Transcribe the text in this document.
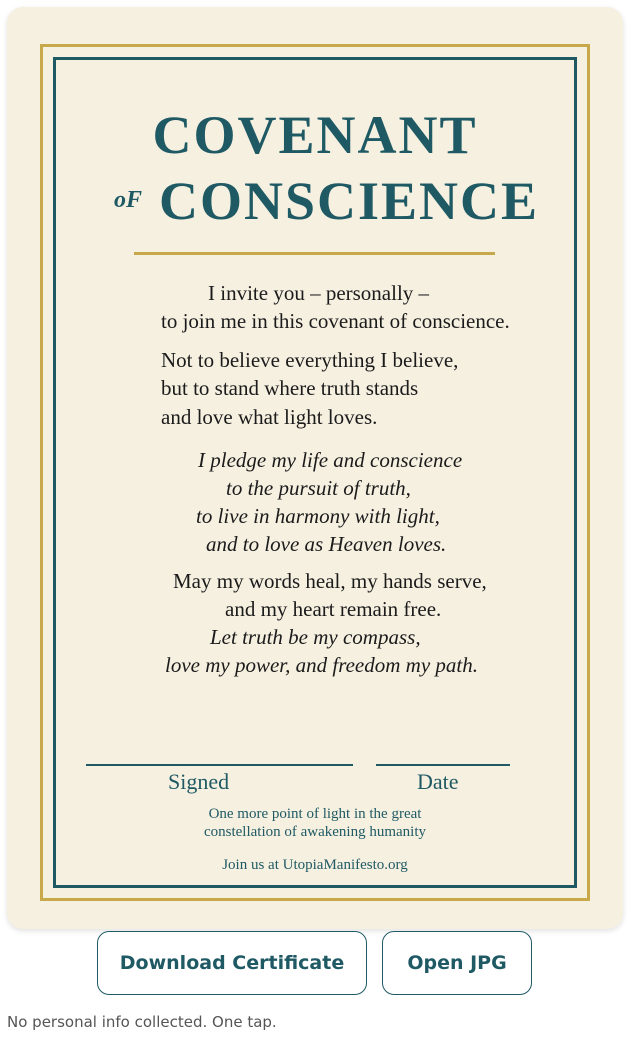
COVENANT
oF CONSCIENCE
I invite you – personally –
to join me in this covenant of conscience.
Not to believe everything I believe,
but to stand where truth stands
and love what light loves.
I pledge my life and conscience
to the pursuit of truth,
to live in harmony with light,
and to love as Heaven loves.
May my words heal, my hands serve,
and my heart remain free.
Let truth be my compass,
love my power, and freedom my path.
Signed	Date
One more point of light in the great
constellation of awakening humanity
Join us at UtopiaManifesto.org
Download Certificate	Open JPG
No personal info collected. One tap.
